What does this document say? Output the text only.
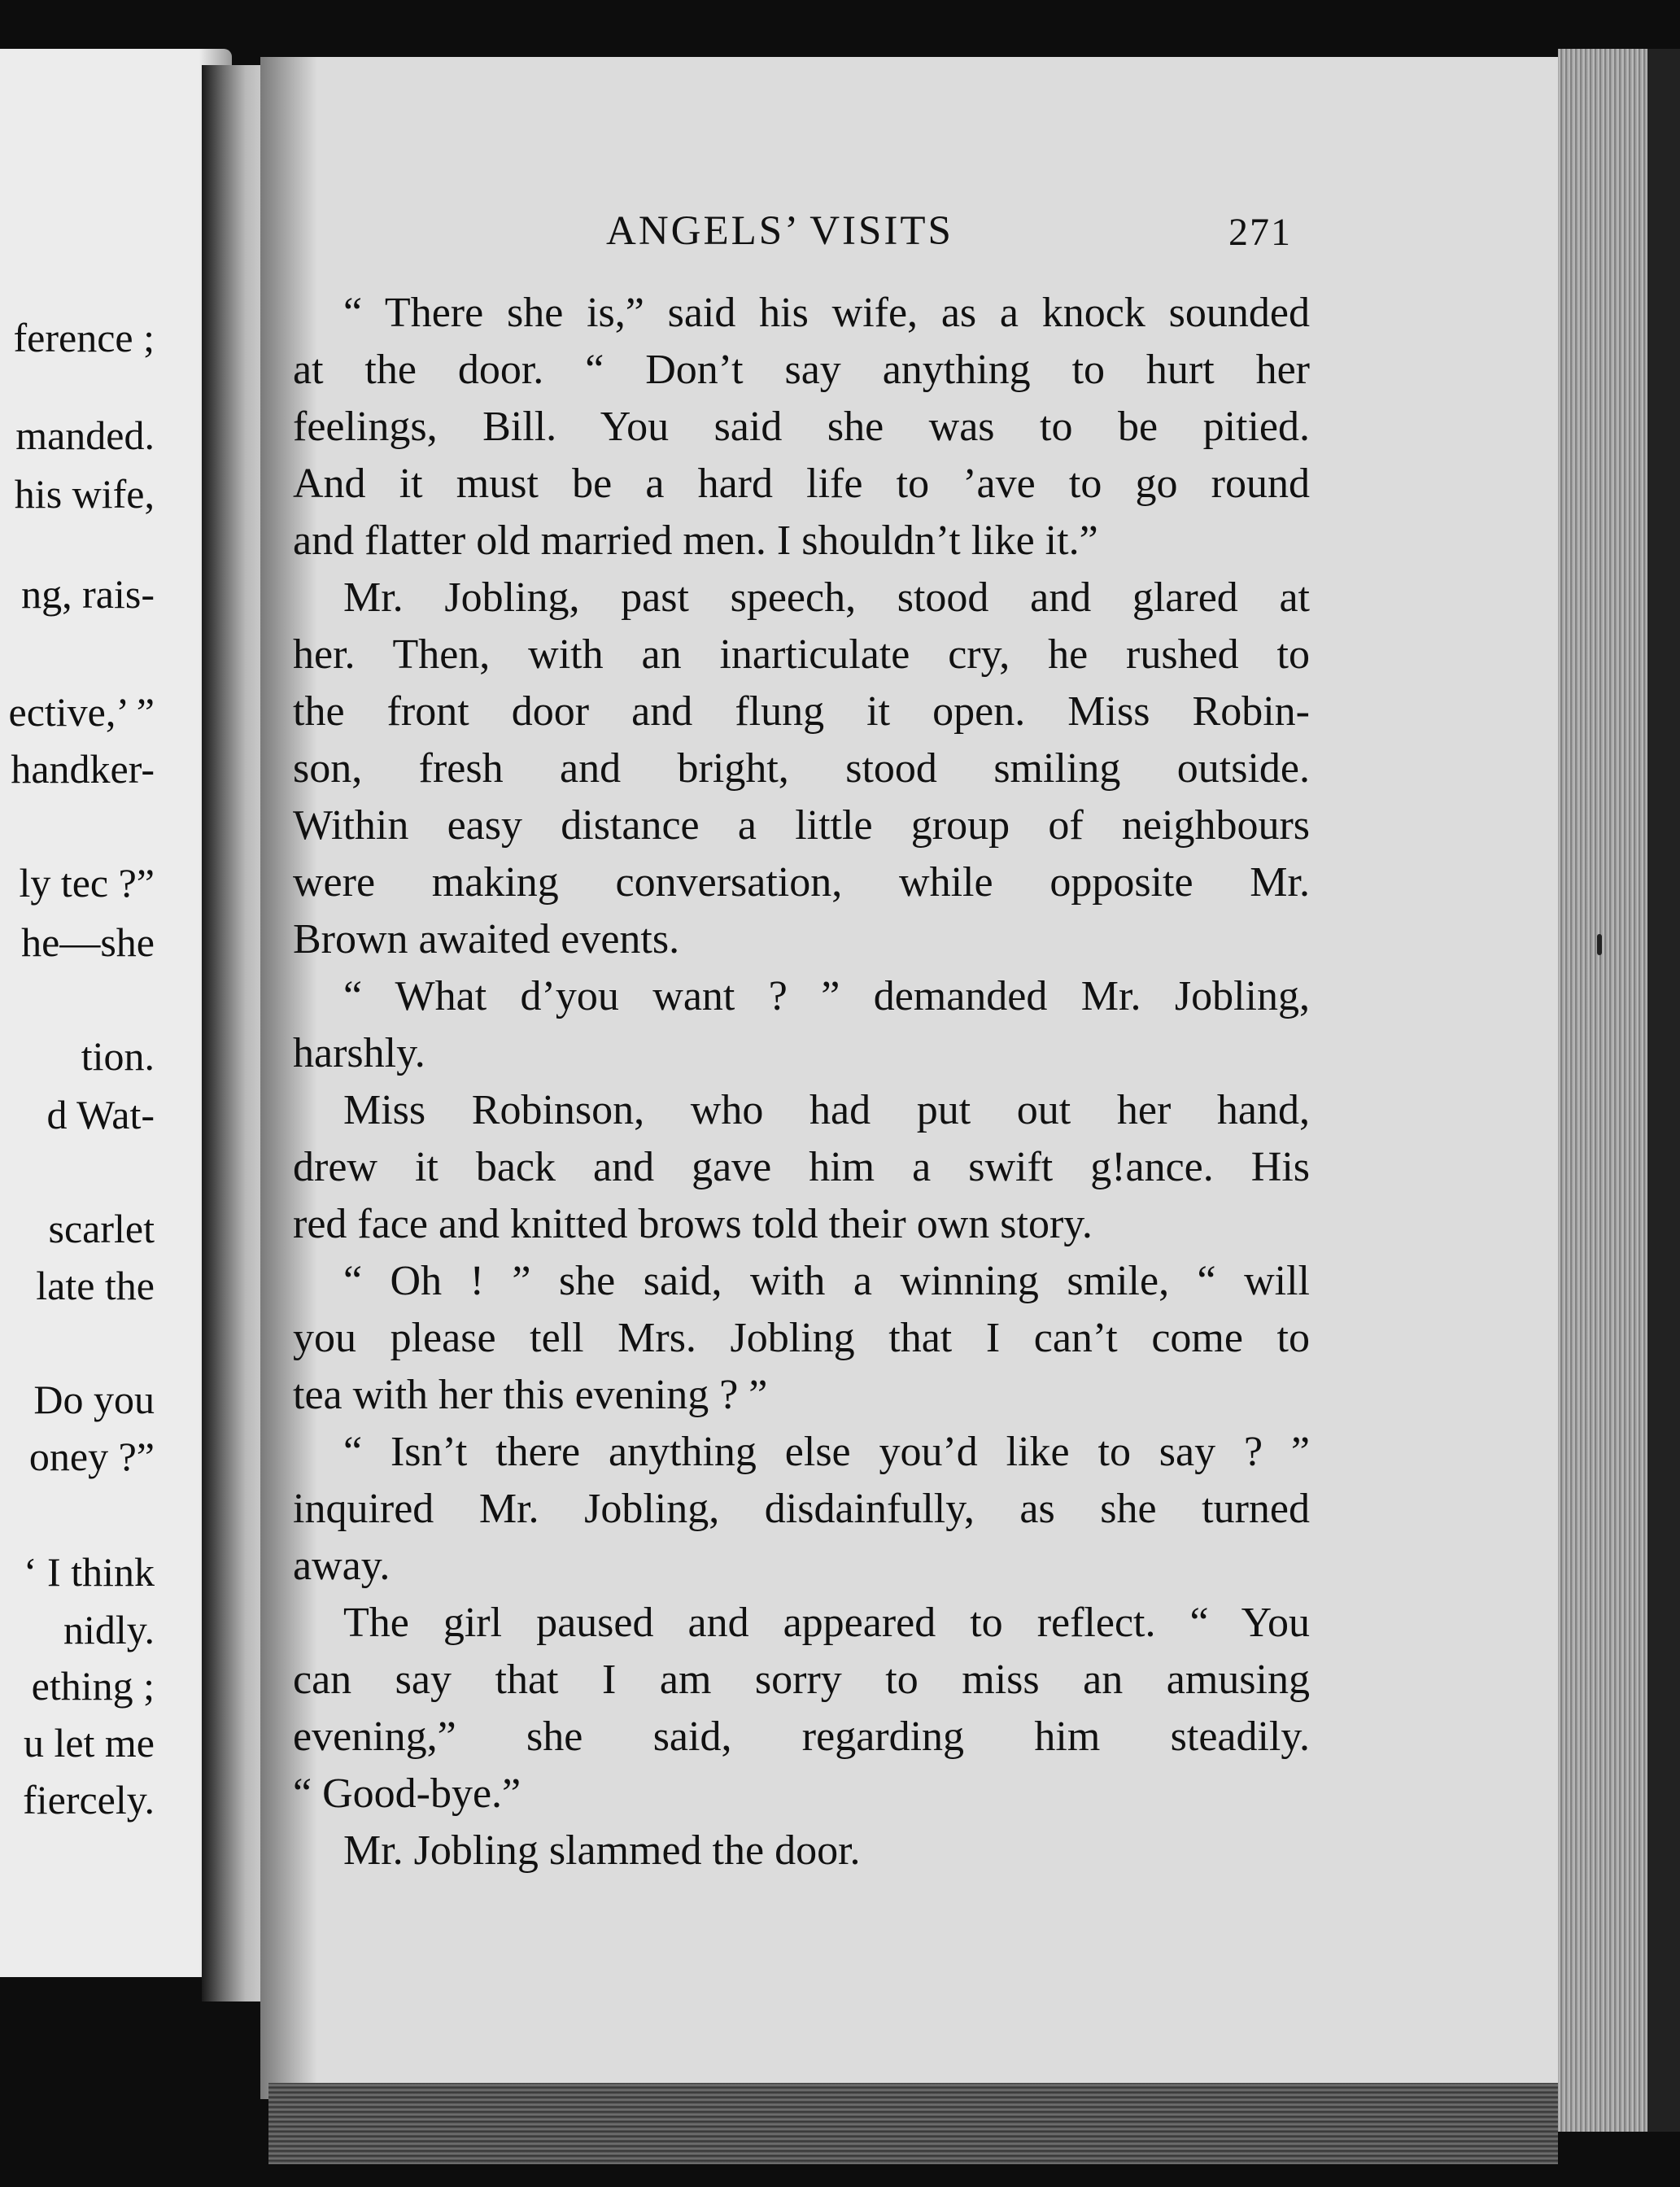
ference ;
manded.
his wife,
ng, rais-
ective,’ ”
handker-
ly tec ?”
he—she
tion.
d Wat-
scarlet
late the
Do you
oney ?”
‘ I think
nidly.
ething ;
u let me
fiercely.
ANGELS’ VISITS	271
“ There she is,” said his wife, as a knock sounded
at the door. “ Don’t say anything to hurt her
feelings, Bill. You said she was to be pitied.
And it must be a hard life to ’ave to go round
and flatter old married men. I shouldn’t like it.”
Mr. Jobling, past speech, stood and glared at
her. Then, with an inarticulate cry, he rushed to
the front door and flung it open. Miss Robin-
son, fresh and bright, stood smiling outside.
Within easy distance a little group of neighbours
were making conversation, while opposite Mr.
Brown awaited events.
“ What d’you want ? ” demanded Mr. Jobling,
harshly.
Miss Robinson, who had put out her hand,
drew it back and gave him a swift g!ance. His
red face and knitted brows told their own story.
“ Oh ! ” she said, with a winning smile, “ will
you please tell Mrs. Jobling that I can’t come to
tea with her this evening ? ”
“ Isn’t there anything else you’d like to say ? ”
inquired Mr. Jobling, disdainfully, as she turned
away.
The girl paused and appeared to reflect. “ You
can say that I am sorry to miss an amusing
evening,” she said, regarding him steadily.
“ Good-bye.”
Mr. Jobling slammed the door.
